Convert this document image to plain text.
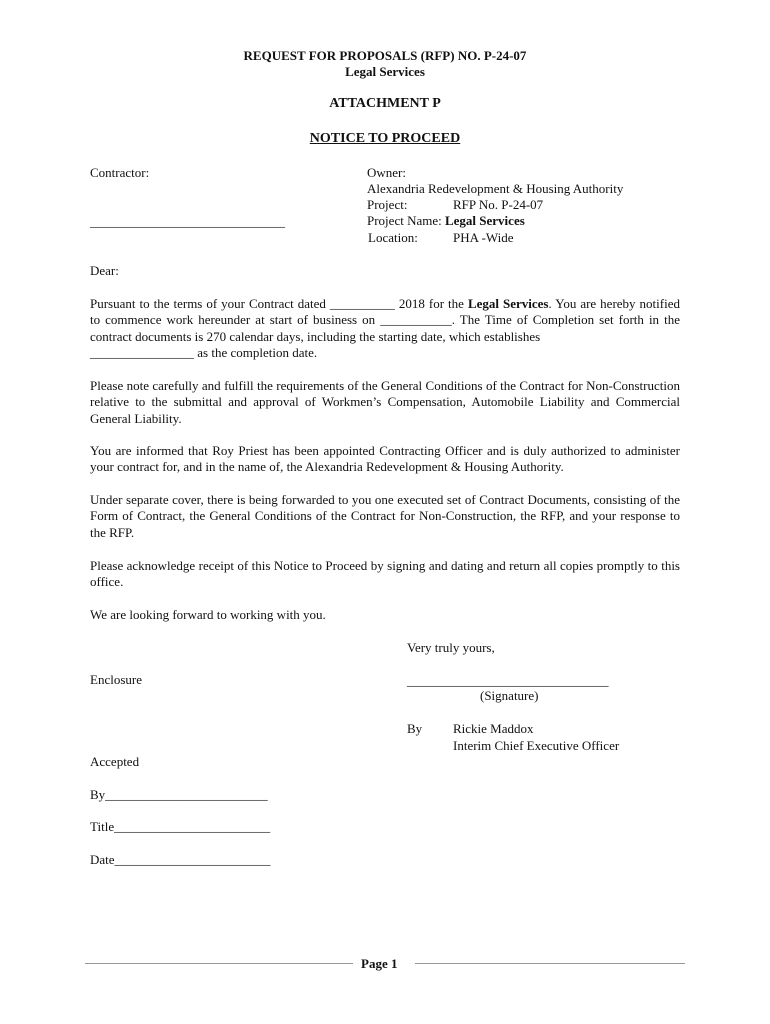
REQUEST FOR PROPOSALS (RFP) NO. P-24-07
Legal Services
ATTACHMENT P
NOTICE TO PROCEED
Contractor:
______________________________
Owner:
Alexandria Redevelopment & Housing Authority
Project:	RFP No. P-24-07
Project Name: Legal Services
Location:	PHA -Wide
Dear:
Pursuant to the terms of your Contract dated __________ 2018 for the Legal Services. You are hereby notified to commence work hereunder at start of business on ___________. The Time of Completion set forth in the contract documents is 270 calendar days, including the starting date, which establishes
________________ as the completion date.
Please note carefully and fulfill the requirements of the General Conditions of the Contract for Non-Construction relative to the submittal and approval of Workmen’s Compensation, Automobile Liability and Commercial General Liability.
You are informed that Roy Priest has been appointed Contracting Officer and is duly authorized to administer your contract for, and in the name of, the Alexandria Redevelopment & Housing Authority.
Under separate cover, there is being forwarded to you one executed set of Contract Documents, consisting of the Form of Contract, the General Conditions of the Contract for Non-Construction, the RFP, and your response to the RFP.
Please acknowledge receipt of this Notice to Proceed by signing and dating and return all copies promptly to this office.
We are looking forward to working with you.
Very truly yours,
Enclosure	_______________________________
(Signature)
By Rickie Maddox
Interim Chief Executive Officer
Accepted
By_________________________
Title________________________
Date________________________
Page 1
